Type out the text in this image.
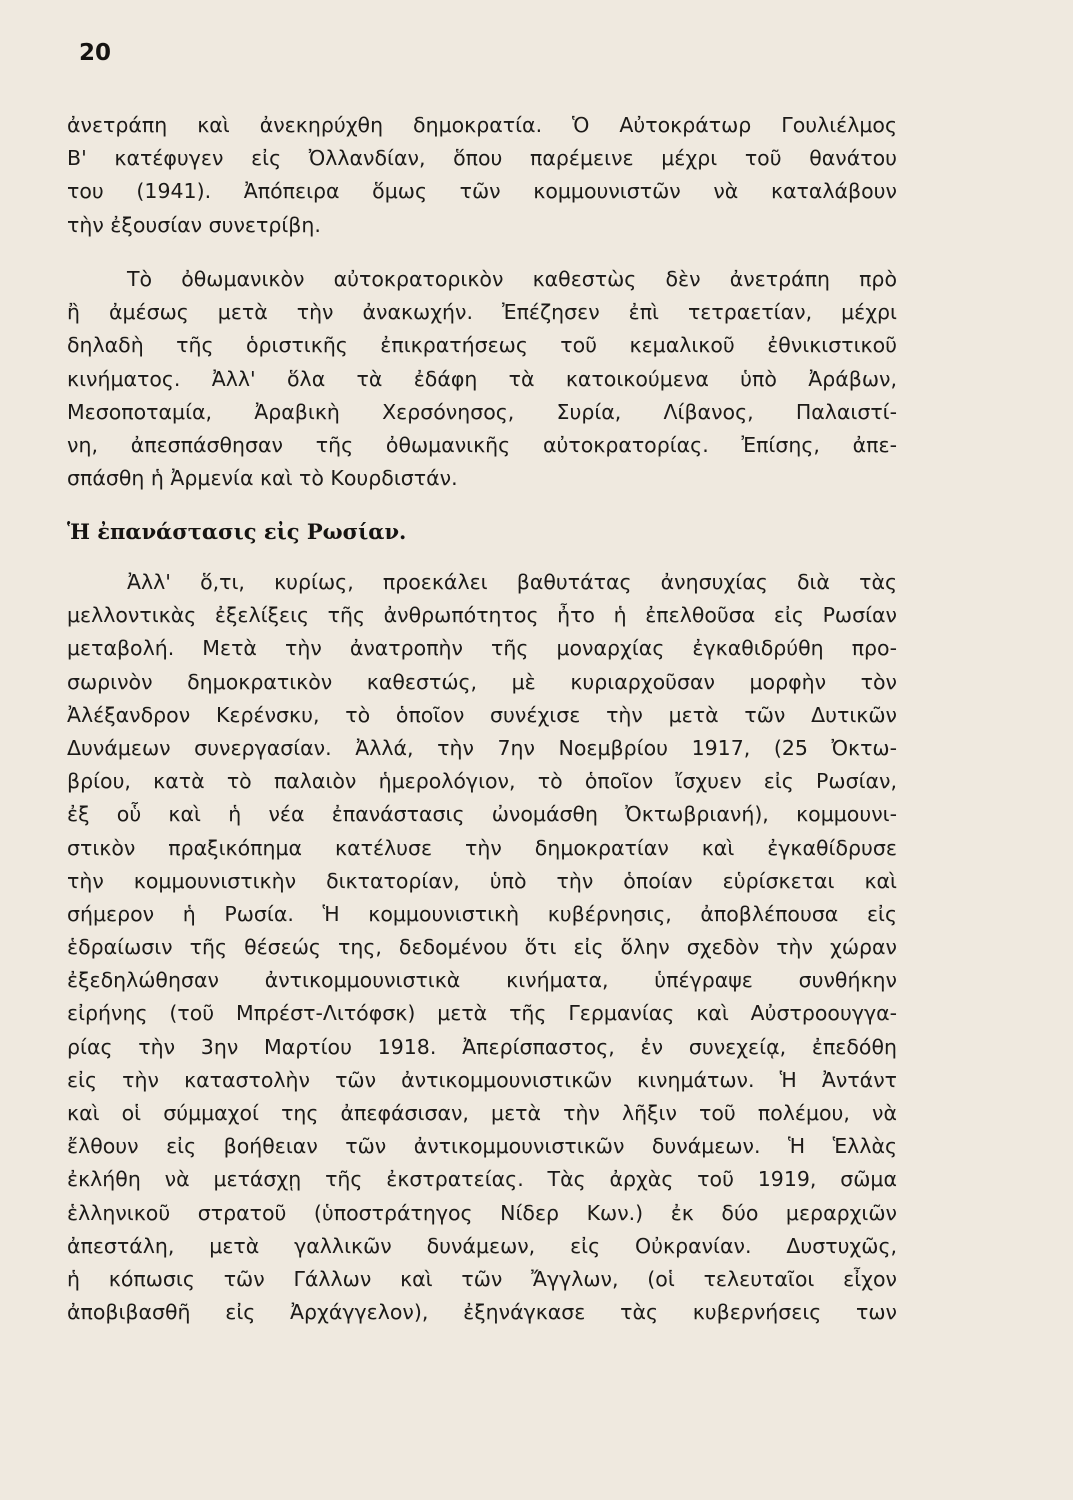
20
ἀνετράπη καὶ ἀνεκηρύχθη δημοκρατία. Ὁ Αὐτοκράτωρ Γουλιέλμος
Β' κατέφυγεν εἰς Ὀλλανδίαν, ὅπου παρέμεινε μέχρι τοῦ θανάτου
του (1941). Ἀπόπειρα ὅμως τῶν κομμουνιστῶν νὰ καταλάβουν
τὴν ἐξουσίαν συνετρίβη.
Τὸ ὀθωμανικὸν αὐτοκρατορικὸν καθεστὼς δὲν ἀνετράπη πρὸ
ἢ ἀμέσως μετὰ τὴν ἀνακωχήν. Ἐπέζησεν ἐπὶ τετραετίαν, μέχρι
δηλαδὴ τῆς ὁριστικῆς ἐπικρατήσεως τοῦ κεμαλικοῦ ἐθνικιστικοῦ
κινήματος. Ἀλλ' ὅλα τὰ ἐδάφη τὰ κατοικούμενα ὑπὸ Ἀράβων,
Μεσοποταμία, Ἀραβικὴ Χερσόνησος, Συρία, Λίβανος, Παλαιστί-
νη, ἀπεσπάσθησαν τῆς ὀθωμανικῆς αὐτοκρατορίας. Ἐπίσης, ἀπε-
σπάσθη ἡ Ἀρμενία καὶ τὸ Κουρδιστάν.
Ἡ ἐπανάστασις εἰς Ρωσίαν.
Ἀλλ' ὅ,τι, κυρίως, προεκάλει βαθυτάτας ἀνησυχίας διὰ τὰς
μελλοντικὰς ἐξελίξεις τῆς ἀνθρωπότητος ἦτο ἡ ἐπελθοῦσα εἰς Ρωσίαν
μεταβολή. Μετὰ τὴν ἀνατροπὴν τῆς μοναρχίας ἐγκαθιδρύθη προ-
σωρινὸν δημοκρατικὸν καθεστώς, μὲ κυριαρχοῦσαν μορφὴν τὸν
Ἀλέξανδρον Κερένσκυ, τὸ ὁποῖον συνέχισε τὴν μετὰ τῶν Δυτικῶν
Δυνάμεων συνεργασίαν. Ἀλλά, τὴν 7ην Νοεμβρίου 1917, (25 Ὀκτω-
βρίου, κατὰ τὸ παλαιὸν ἡμερολόγιον, τὸ ὁποῖον ἴσχυεν εἰς Ρωσίαν,
ἐξ οὗ καὶ ἡ νέα ἐπανάστασις ὠνομάσθη Ὀκτωβριανή), κομμουνι-
στικὸν πραξικόπημα κατέλυσε τὴν δημοκρατίαν καὶ ἐγκαθίδρυσε
τὴν κομμουνιστικὴν δικτατορίαν, ὑπὸ τὴν ὁποίαν εὑρίσκεται καὶ
σήμερον ἡ Ρωσία. Ἡ κομμουνιστικὴ κυβέρνησις, ἀποβλέπουσα εἰς
ἑδραίωσιν τῆς θέσεώς της, δεδομένου ὅτι εἰς ὅλην σχεδὸν τὴν χώραν
ἐξεδηλώθησαν ἀντικομμουνιστικὰ κινήματα, ὑπέγραψε συνθήκην
εἰρήνης (τοῦ Μπρέστ-Λιτόφσκ) μετὰ τῆς Γερμανίας καὶ Αὐστροουγγα-
ρίας τὴν 3ην Μαρτίου 1918. Ἀπερίσπαστος, ἐν συνεχείᾳ, ἐπεδόθη
εἰς τὴν καταστολὴν τῶν ἀντικομμουνιστικῶν κινημάτων. Ἡ Ἀντάντ
καὶ οἱ σύμμαχοί της ἀπεφάσισαν, μετὰ τὴν λῆξιν τοῦ πολέμου, νὰ
ἔλθουν εἰς βοήθειαν τῶν ἀντικομμουνιστικῶν δυνάμεων. Ἡ Ἑλλὰς
ἐκλήθη νὰ μετάσχῃ τῆς ἐκστρατείας. Τὰς ἀρχὰς τοῦ 1919, σῶμα
ἑλληνικοῦ στρατοῦ (ὑποστράτηγος Νίδερ Κων.) ἐκ δύο μεραρχιῶν
ἀπεστάλη, μετὰ γαλλικῶν δυνάμεων, εἰς Οὐκρανίαν. Δυστυχῶς,
ἡ κόπωσις τῶν Γάλλων καὶ τῶν Ἄγγλων, (οἱ τελευταῖοι εἶχον
ἀποβιβασθῆ εἰς Ἀρχάγγελον), ἐξηνάγκασε τὰς κυβερνήσεις των
